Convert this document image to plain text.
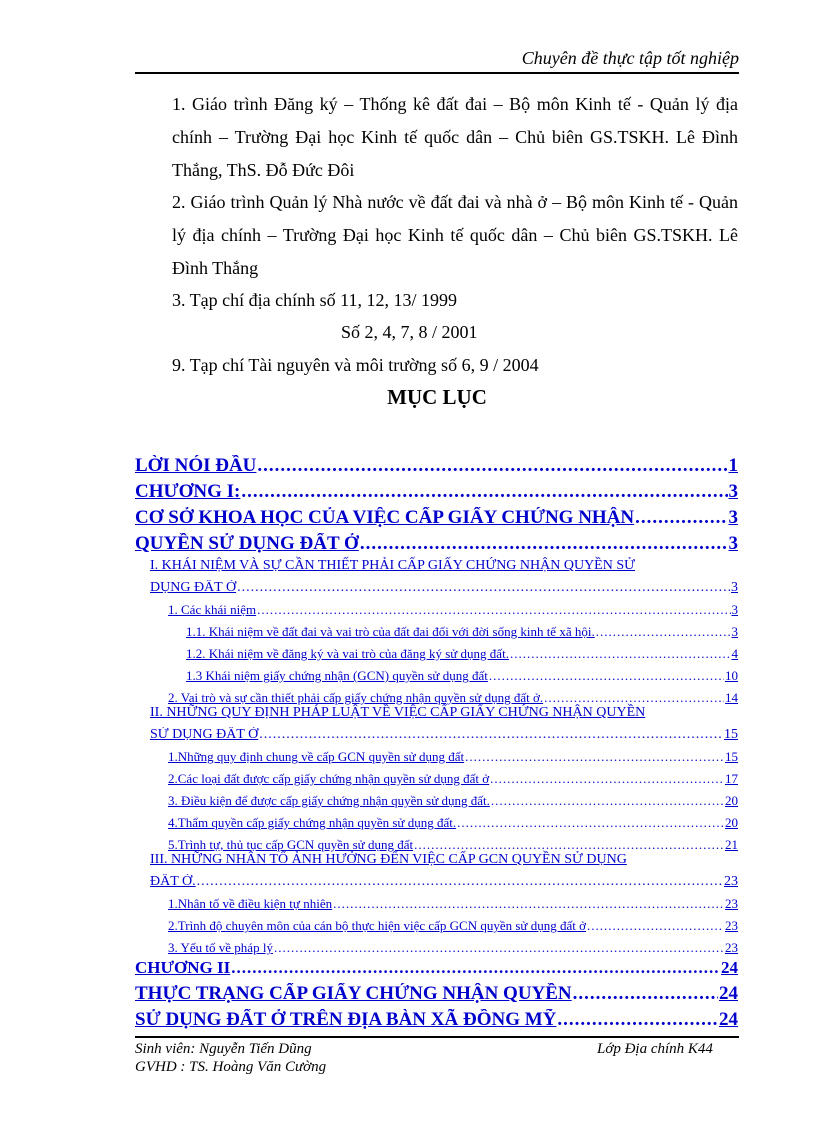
Chuyên đề thực tập tốt nghiệp
1. Giáo trình Đăng ký – Thống kê đất đai – Bộ môn Kinh tế - Quản lý địa chính – Trường Đại học Kinh tế quốc dân – Chủ biên GS.TSKH. Lê Đình Thắng, ThS. Đỗ Đức Đôi
2. Giáo trình Quản lý Nhà nước về đất đai và nhà ở – Bộ môn Kinh tế - Quản lý địa chính – Trường Đại học Kinh tế quốc dân – Chủ biên GS.TSKH. Lê Đình Thắng
3. Tạp chí địa chính số 11, 12, 13/ 1999
Số 2, 4, 7, 8 / 2001
9. Tạp chí Tài nguyên và môi trường số 6, 9 / 2004
MỤC LỤC
LỜI NÓI ĐẦU .....	1
CHƯƠNG I: .....	3
CƠ SỞ KHOA HỌC CỦA VIỆC CẤP GIẤY CHỨNG NHẬN .....	3
QUYỀN SỬ DỤNG ĐẤT Ở .....	3
I. KHÁI NIỆM VÀ SỰ CẦN THIẾT PHẢI CẤP GIẤY CHỨNG NHẬN QUYỀN SỬ
DỤNG ĐẤT Ở .....	3
1. Các khái niệm .....	3
1.1. Khái niệm về đất đai và vai trò của đất đai đối với đời sống kinh tế xã hội. .....	3
1.2. Khái niệm về đăng ký và vai trò của đăng ký sử dụng đất. .....	4
1.3 Khái niệm giấy chứng nhận (GCN) quyền sử dụng đất .....	10
2. Vai trò và sự cần thiết phải cấp giấy chứng nhận quyền sử dụng đất ở. .....	14
II. NHỮNG QUY ĐỊNH PHÁP LUẬT VỀ VIỆC CẤP GIẤY CHỨNG NHẬN QUYỀN
SỬ DỤNG ĐẤT Ở .....	15
1.Những quy định chung về cấp GCN quyền sử dụng đất .....	15
2.Các loại đất được cấp giấy chứng nhận quyền sử dụng đất ở .....	17
3. Điều kiện để được cấp giấy chứng nhận quyền sử dụng đất. .....	20
4.Thẩm quyền cấp giấy chứng nhận quyền sử dụng đất. .....	20
5.Trình tự, thủ tục cấp GCN quyền sử dụng đất .....	21
III. NHỮNG NHÂN TỐ ẢNH HƯỞNG ĐẾN VIỆC CẤP GCN QUYỀN SỬ DỤNG
ĐẤT Ở. .....	23
1.Nhân tố về điều kiện tự nhiên .....	23
2.Trình độ chuyên môn của cán bộ thực hiện việc cấp GCN quyền sử dụng đất ở .....	23
3. Yếu tố về pháp lý .....	23
CHƯƠNG II .....	24
THỰC TRẠNG CẤP GIẤY CHỨNG NHẬN QUYỀN .....	24
SỬ DỤNG ĐẤT Ở TRÊN ĐỊA BÀN XÃ ĐỒNG MỸ .....	24
Sinh viên: Nguyễn Tiến Dũng	Lớp Địa chính K44
GVHD : TS. Hoàng Văn Cường
